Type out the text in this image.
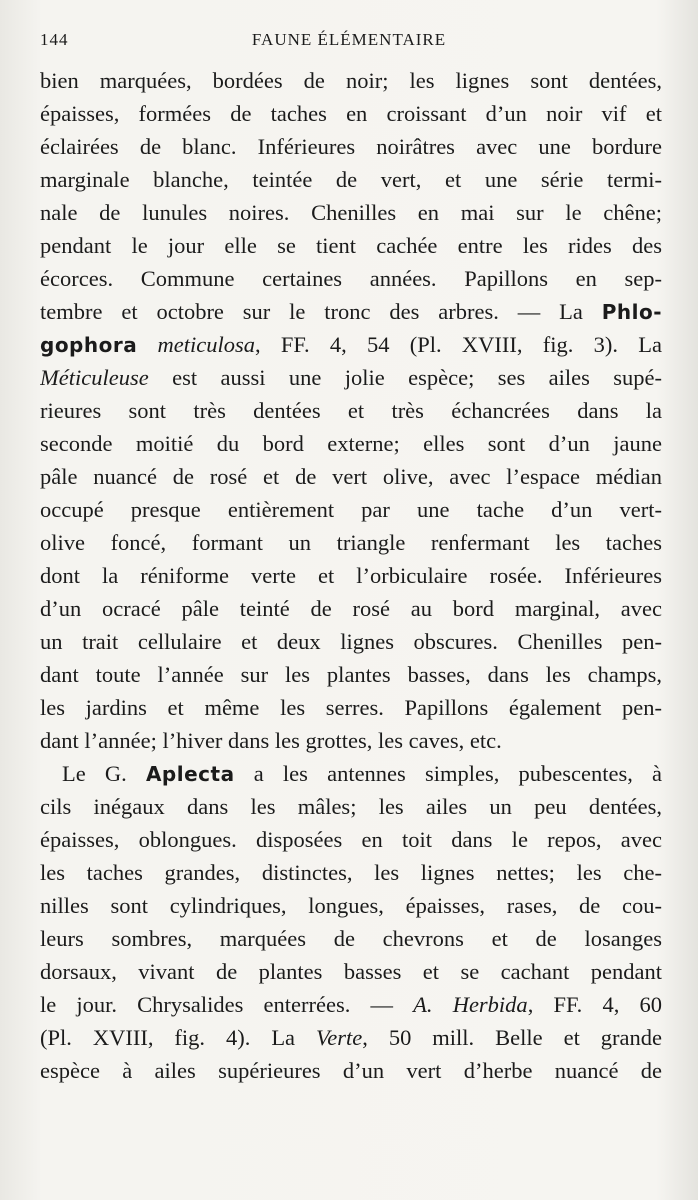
144	FAUNE ÉLÉMENTAIRE
bien marquées, bordées de noir; les lignes sont dentées,
épaisses, formées de taches en croissant d’un noir vif et
éclairées de blanc. Inférieures noirâtres avec une bordure
marginale blanche, teintée de vert, et une série termi-
nale de lunules noires. Chenilles en mai sur le chêne;
pendant le jour elle se tient cachée entre les rides des
écorces. Commune certaines années. Papillons en sep-
tembre et octobre sur le tronc des arbres. — La Phlo-
gophora meticulosa, FF. 4, 54 (Pl. XVIII, fig. 3). La
Méticuleuse est aussi une jolie espèce; ses ailes supé-
rieures sont très dentées et très échancrées dans la
seconde moitié du bord externe; elles sont d’un jaune
pâle nuancé de rosé et de vert olive, avec l’espace médian
occupé presque entièrement par une tache d’un vert-
olive foncé, formant un triangle renfermant les taches
dont la réniforme verte et l’orbiculaire rosée. Inférieures
d’un ocracé pâle teinté de rosé au bord marginal, avec
un trait cellulaire et deux lignes obscures. Chenilles pen-
dant toute l’année sur les plantes basses, dans les champs,
les jardins et même les serres. Papillons également pen-
dant l’année; l’hiver dans les grottes, les caves, etc.
Le G. Aplecta a les antennes simples, pubescentes, à
cils inégaux dans les mâles; les ailes un peu dentées,
épaisses, oblongues. disposées en toit dans le repos, avec
les taches grandes, distinctes, les lignes nettes; les che-
nilles sont cylindriques, longues, épaisses, rases, de cou-
leurs sombres, marquées de chevrons et de losanges
dorsaux, vivant de plantes basses et se cachant pendant
le jour. Chrysalides enterrées. — A. Herbida, FF. 4, 60
(Pl. XVIII, fig. 4). La Verte, 50 mill. Belle et grande
espèce à ailes supérieures d’un vert d’herbe nuancé de
